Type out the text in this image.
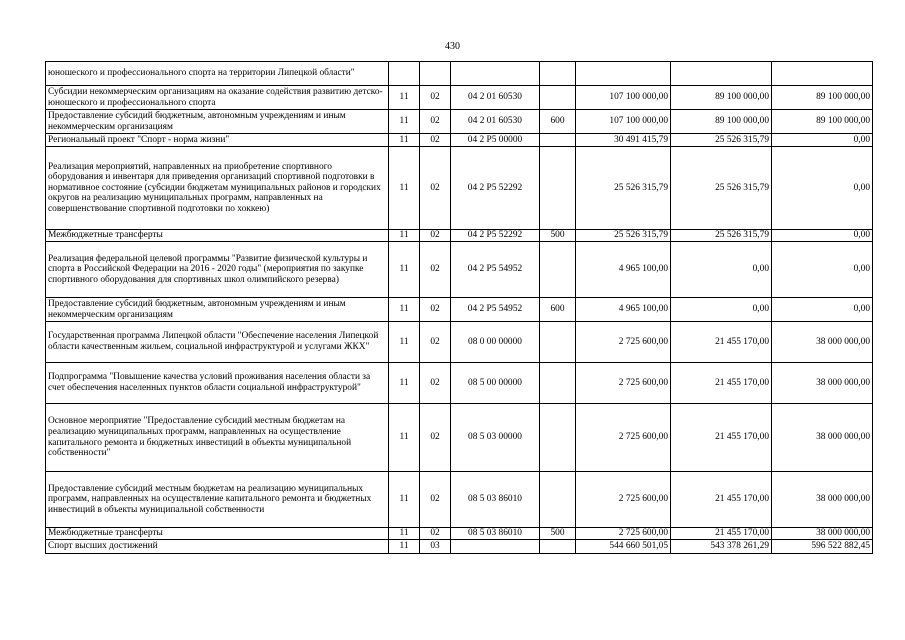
430
юношеского и профессионального спорта на территории Липецкой области"							
Субсидии некоммерческим организациям на оказание содействия развитию детско-юношеского и профессионального спорта	11	02	04 2 01 60530		107 100 000,00	89 100 000,00	89 100 000,00
Предоставление субсидий бюджетным, автономным учреждениям и иным некоммерческим организациям	11	02	04 2 01 60530	600	107 100 000,00	89 100 000,00	89 100 000,00
Региональный проект "Спорт - норма жизни"	11	02	04 2 P5 00000		30 491 415,79	25 526 315,79	0,00
Реализация мероприятий, направленных на приобретение спортивного оборудования и инвентаря для приведения организаций спортивной подготовки в нормативное состояние (субсидии бюджетам муниципальных районов и городских округов на реализацию муниципальных программ, направленных на совершенствование спортивной подготовки по хоккею)	11	02	04 2 P5 52292		25 526 315,79	25 526 315,79	0,00
Межбюджетные трансферты	11	02	04 2 P5 52292	500	25 526 315,79	25 526 315,79	0,00
Реализация федеральной целевой программы "Развитие физической культуры и спорта в Российской Федерации на 2016 - 2020 годы" (мероприятия по закупке спортивного оборудования для спортивных школ олимпийского резерва)	11	02	04 2 P5 54952		4 965 100,00	0,00	0,00
Предоставление субсидий бюджетным, автономным учреждениям и иным некоммерческим организациям	11	02	04 2 P5 54952	600	4 965 100,00	0,00	0,00
Государственная программа Липецкой области "Обеспечение населения Липецкой области качественным жильем, социальной инфраструктурой и услугами ЖКХ"	11	02	08 0 00 00000		2 725 600,00	21 455 170,00	38 000 000,00
Подпрограмма "Повышение качества условий проживания населения области за счет обеспечения населенных пунктов области социальной инфраструктурой"	11	02	08 5 00 00000		2 725 600,00	21 455 170,00	38 000 000,00
Основное мероприятие "Предоставление субсидий местным бюджетам на реализацию муниципальных программ, направленных на осуществление капитального ремонта и бюджетных инвестиций в объекты муниципальной собственности"	11	02	08 5 03 00000		2 725 600,00	21 455 170,00	38 000 000,00
Предоставление субсидий местным бюджетам на реализацию муниципальных программ, направленных на осуществление капитального ремонта и бюджетных инвестиций в объекты муниципальной собственности	11	02	08 5 03 86010		2 725 600,00	21 455 170,00	38 000 000,00
Межбюджетные трансферты	11	02	08 5 03 86010	500	2 725 600,00	21 455 170,00	38 000 000,00
Спорт высших достижений	11	03			544 660 501,05	543 378 261,29	596 522 882,45
